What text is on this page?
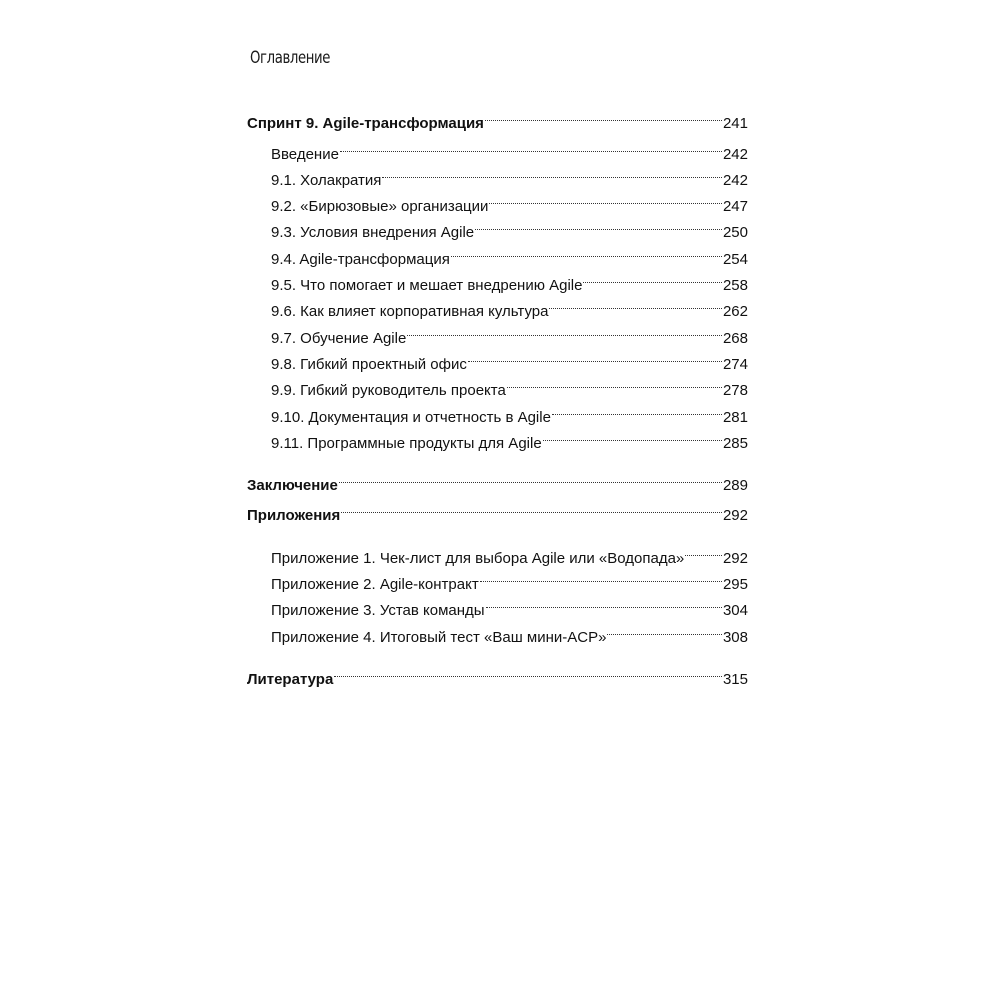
Оглавление
Спринт 9. Agile-трансформация	241
Введение	242
9.1. Холакратия	242
9.2. «Бирюзовые» организации	247
9.3. Условия внедрения Agile	250
9.4. Agile-трансформация	254
9.5. Что помогает и мешает внедрению Agile	258
9.6. Как влияет корпоративная культура	262
9.7. Обучение Agile	268
9.8. Гибкий проектный офис	274
9.9. Гибкий руководитель проекта	278
9.10. Документация и отчетность в Agile	281
9.11. Программные продукты для Agile	285
Заключение	289
Приложения	292
Приложение 1. Чек-лист для выбора Agile или «Водопада»	292
Приложение 2. Agile-контракт	295
Приложение 3. Устав команды	304
Приложение 4. Итоговый тест «Ваш мини-ACP»	308
Литература	315
